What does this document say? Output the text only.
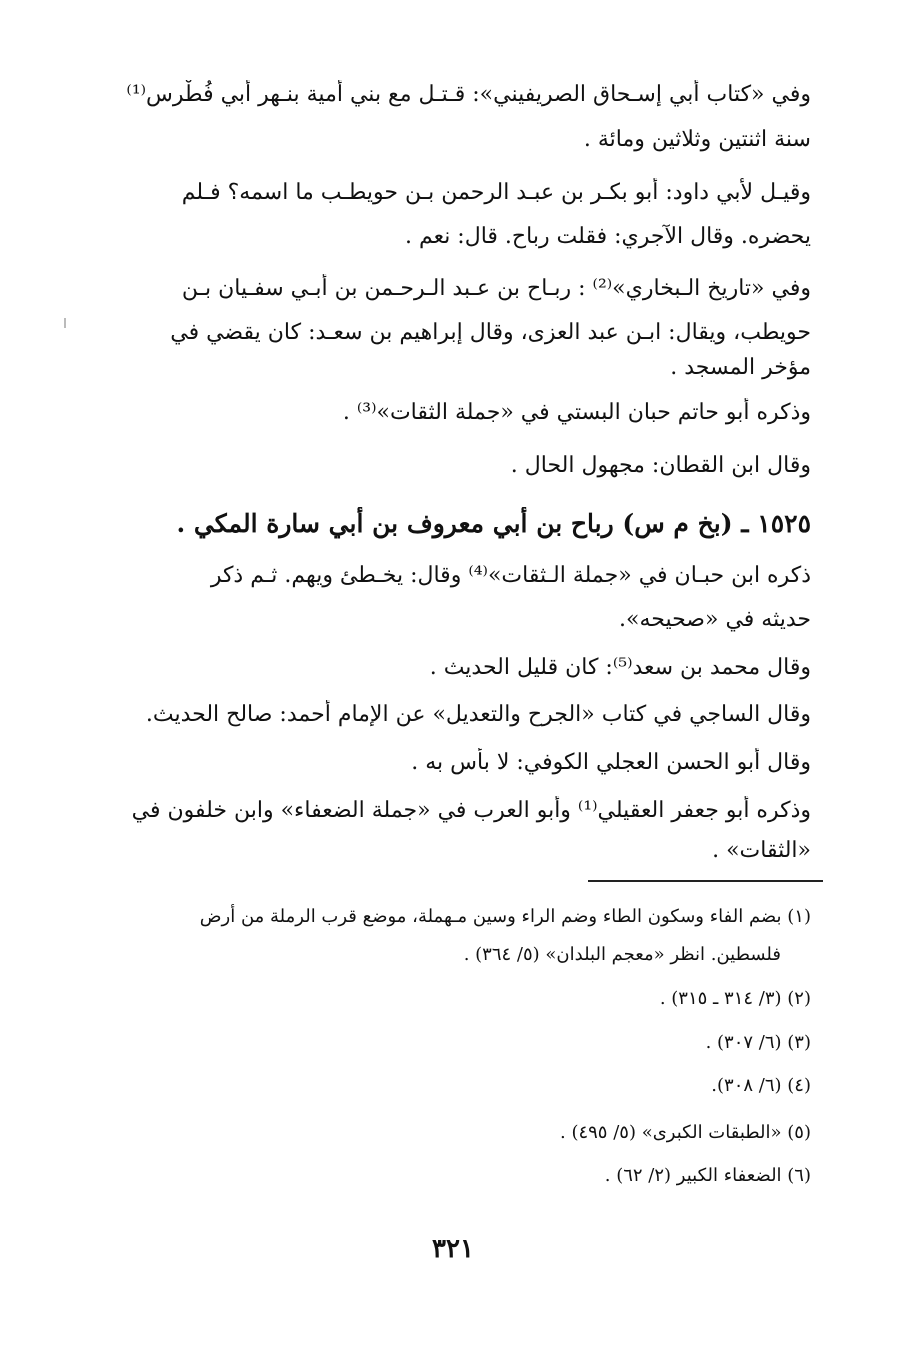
وفي «كتاب أبي إسـحاق الصريفيني»: قـتـل مع بني أمية بنـهر أبي فُطْرس⁽¹⁾
سنة اثنتين وثلاثين ومائة .
وقيـل لأبي داود: أبو بكـر بن عبـد الرحمن بـن حويطـب ما اسمه؟ فـلم
يحضره. وقال الآجري: فقلت رباح. قال: نعم .
وفي «تاريخ الـبخاري»⁽²⁾ : ربـاح بن عـبد الـرحـمن بن أبـي سفـيان بـن
حويطب، ويقال: ابـن عبد العزى، وقال إبراهيم بن سعـد: كان يقضي في
مؤخر المسجد .
وذكره أبو حاتم حبان البستي في «جملة الثقات»⁽³⁾ .
وقال ابن القطان: مجهول الحال .
١٥٢٥ ـ (بخ م س) رباح بن أبي معروف بن أبي سارة المكي .
ذكره ابن حبـان في «جملة الـثقات»⁽⁴⁾ وقال: يخـطئ ويهم. ثـم ذكر
حديثه في «صحيحه».
وقال محمد بن سعد⁽⁵⁾: كان قليل الحديث .
وقال الساجي في كتاب «الجرح والتعديل» عن الإمام أحمد: صالح الحديث.
وقال أبو الحسن العجلي الكوفي: لا بأس به .
وذكره أبو جعفر العقيلي⁽¹⁾ وأبو العرب في «جملة الضعفاء» وابن خلفون في
«الثقات» .
(١) بضم الفاء وسكون الطاء وضم الراء وسين مـهملة، موضع قرب الرملة من أرض
فلسطين. انظر «معجم البلدان» (٥/ ٣٦٤) .
(٢) (٣/ ٣١٤ ـ ٣١٥) .
(٣) (٦/ ٣٠٧) .
(٤) (٦/ ٣٠٨).
(٥) «الطبقات الكبرى» (٥/ ٤٩٥) .
(٦) الضعفاء الكبير (٢/ ٦٢) .
٣٢١
